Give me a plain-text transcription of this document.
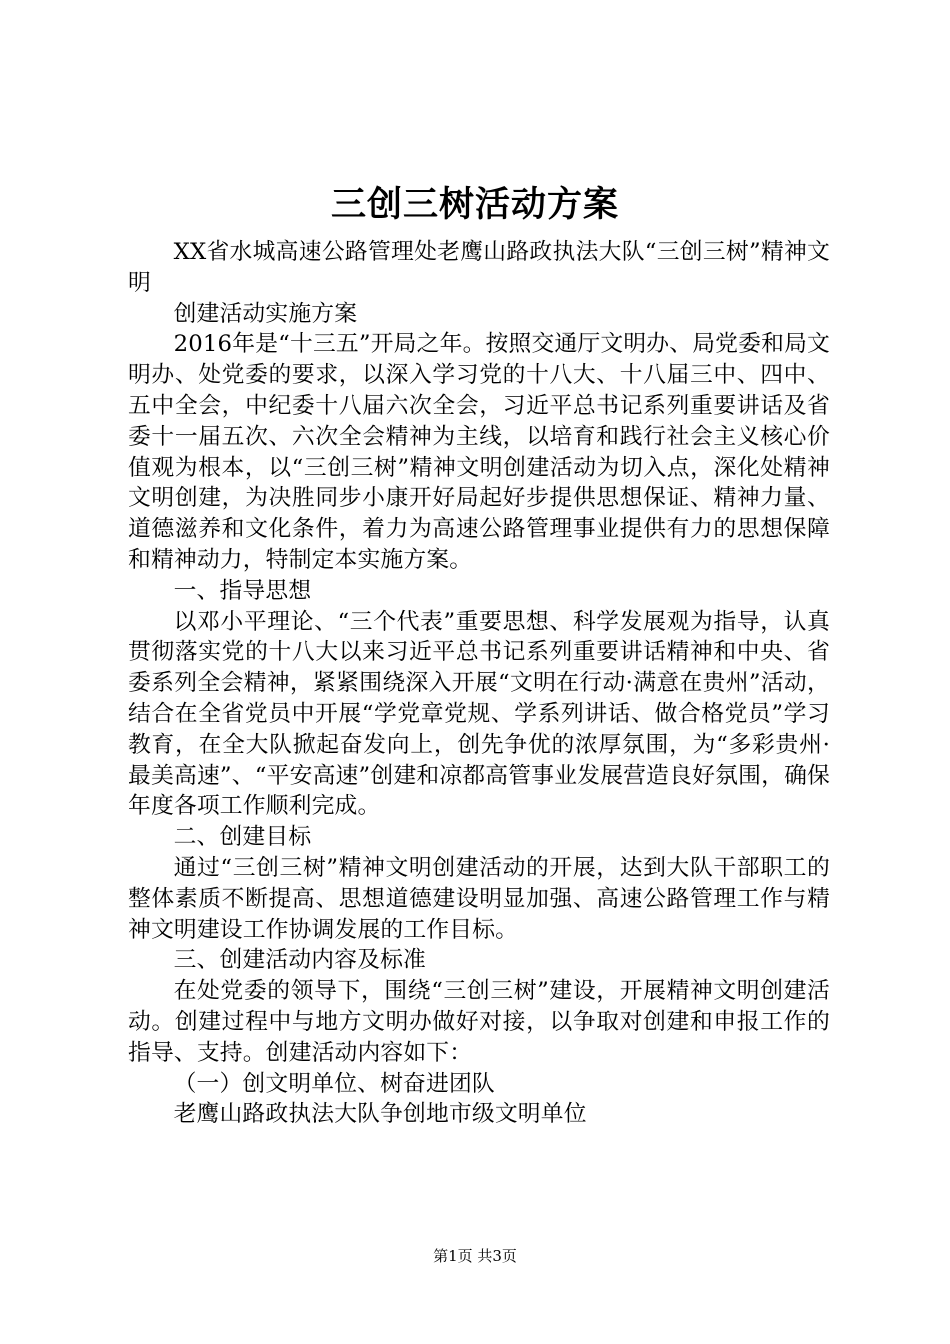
三创三树活动方案

XX省水城高速公路管理处老鹰山路政执法大队“三创三树”精神文明

创建活动实施方案

2016年是“十三五”开局之年。按照交通厅文明办、局党委和局文明办、处党委的要求，以深入学习党的十八大、十八届三中、四中、五中全会，中纪委十八届六次全会，习近平总书记系列重要讲话及省委十一届五次、六次全会精神为主线，以培育和践行社会主义核心价值观为根本，以“三创三树”精神文明创建活动为切入点，深化处精神文明创建，为决胜同步小康开好局起好步提供思想保证、精神力量、道德滋养和文化条件，着力为高速公路管理事业提供有力的思想保障和精神动力，特制定本实施方案。

一、指导思想

以邓小平理论、“三个代表”重要思想、科学发展观为指导，认真贯彻落实党的十八大以来习近平总书记系列重要讲话精神和中央、省委系列全会精神，紧紧围绕深入开展“文明在行动·满意在贵州”活动，结合在全省党员中开展“学党章党规、学系列讲话、做合格党员”学习教育，在全大队掀起奋发向上，创先争优的浓厚氛围，为“多彩贵州·最美高速”、“平安高速”创建和凉都高管事业发展营造良好氛围，确保年度各项工作顺利完成。

二、创建目标

通过“三创三树”精神文明创建活动的开展，达到大队干部职工的整体素质不断提高、思想道德建设明显加强、高速公路管理工作与精神文明建设工作协调发展的工作目标。

三、创建活动内容及标准

在处党委的领导下，围绕“三创三树”建设，开展精神文明创建活动。创建过程中与地方文明办做好对接，以争取对创建和申报工作的指导、支持。创建活动内容如下：

（一）创文明单位、树奋进团队

老鹰山路政执法大队争创地市级文明单位

第1页 共3页
